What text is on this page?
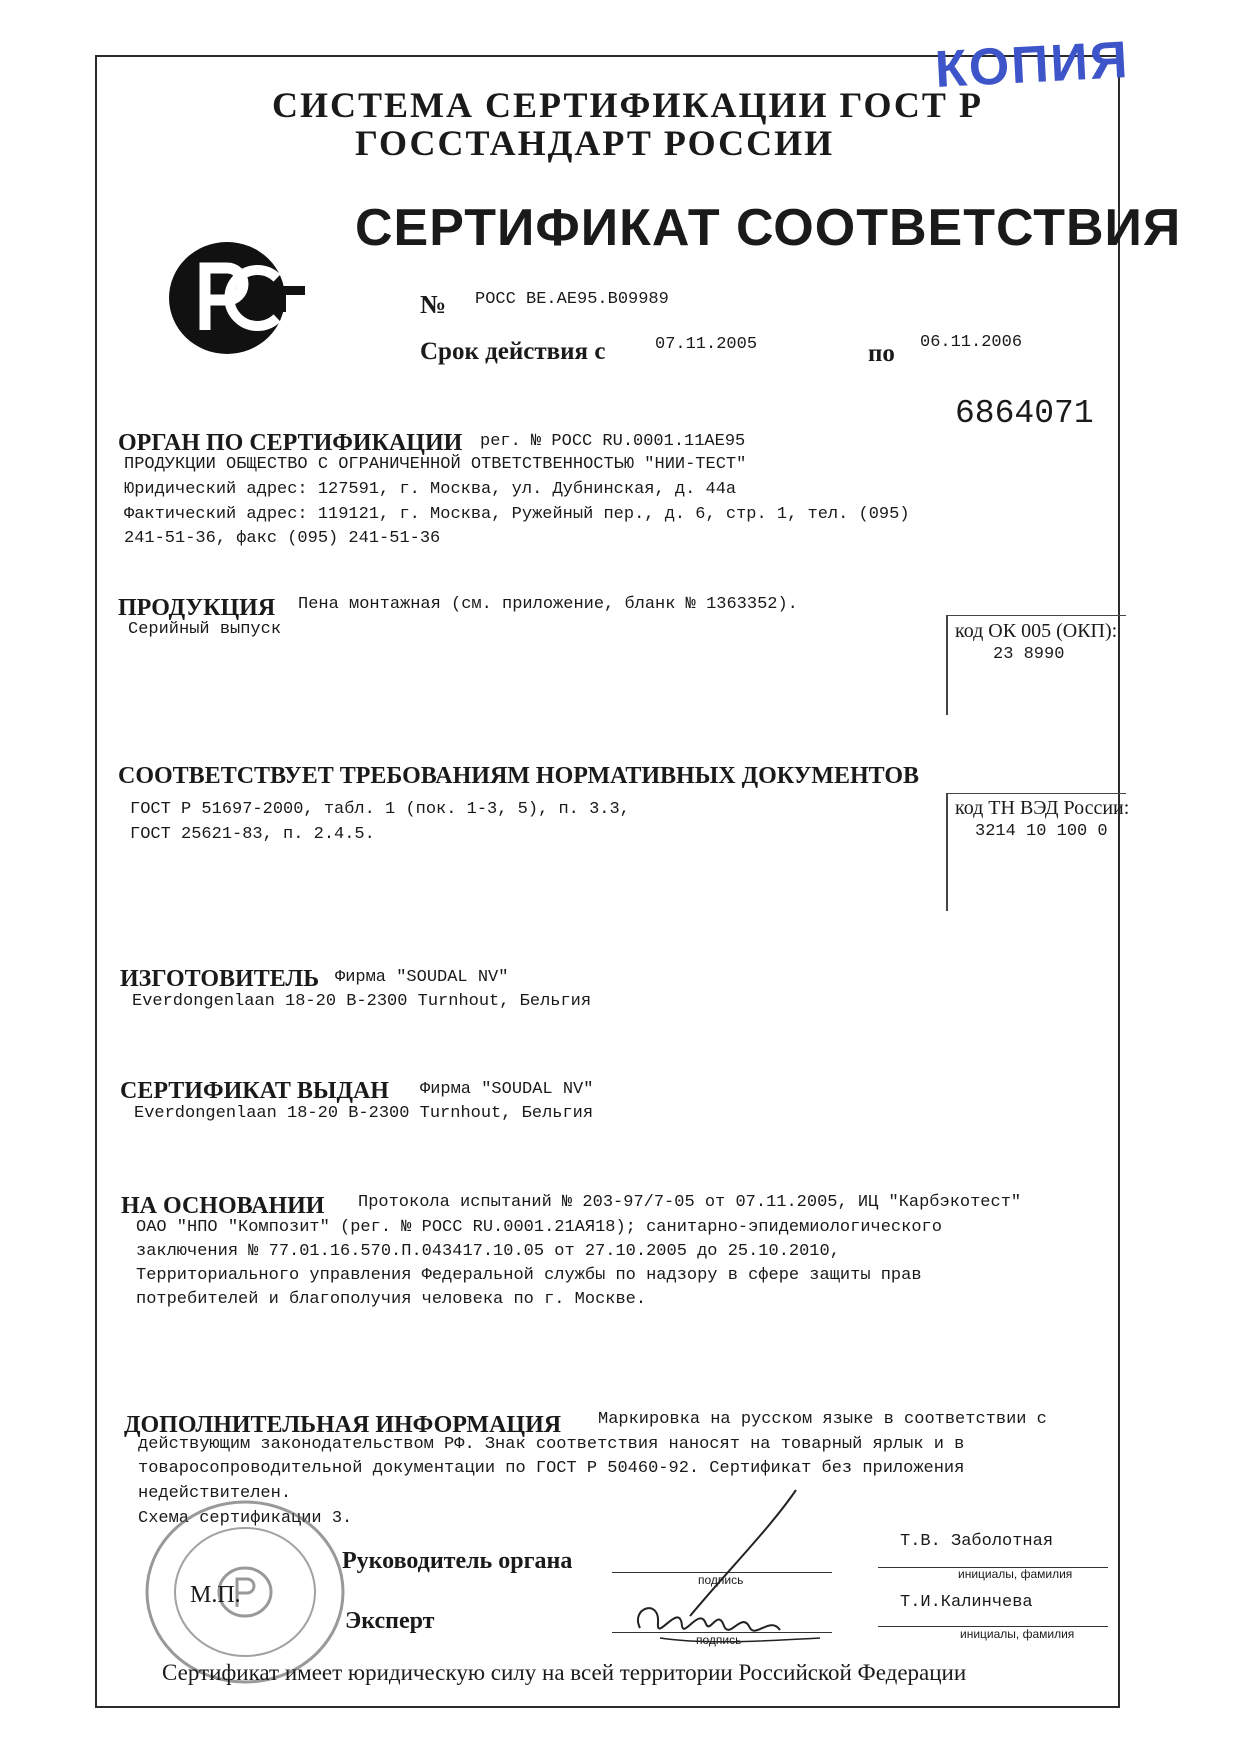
КОПИЯ
СИСТЕМА СЕРТИФИКАЦИИ ГОСТ Р
ГОССТАНДАРТ РОССИИ
СЕРТИФИКАТ СООТВЕТСТВИЯ
№ РОСС BE.AE95.B09989
Срок действия с	07.11.2005	по 06.11.2006
6864071
ОРГАН ПО СЕРТИФИКАЦИИ рег. № РОСС RU.0001.11AE95
ПРОДУКЦИИ ОБЩЕСТВО С ОГРАНИЧЕННОЙ ОТВЕТСТВЕННОСТЬЮ "НИИ-ТЕСТ"
Юридический адрес: 127591, г. Москва, ул. Дубнинская, д. 44а
Фактический адрес: 119121, г. Москва, Ружейный пер., д. 6, стр. 1, тел. (095)
241-51-36, факс (095) 241-51-36
ПРОДУКЦИЯ Пена монтажная (см. приложение, бланк № 1363352).
Серийный выпуск	код ОК 005 (ОКП):
23 8990
СООТВЕТСТВУЕТ ТРЕБОВАНИЯМ НОРМАТИВНЫХ ДОКУМЕНТОВ
ГОСТ Р 51697-2000, табл. 1 (пок. 1-3, 5), п. 3.3,
ГОСТ 25621-83, п. 2.4.5.
код ТН ВЭД России:
3214 10 100 0
ИЗГОТОВИТЕЛЬ Фирма "SOUDAL NV"
Everdongenlaan 18-20 B-2300 Turnhout, Бельгия
СЕРТИФИКАТ ВЫДАН Фирма "SOUDAL NV"
Everdongenlaan 18-20 B-2300 Turnhout, Бельгия
НА ОСНОВАНИИ Протокола испытаний № 203-97/7-05 от 07.11.2005, ИЦ "Карбэкотест"
ОАО "НПО "Композит" (рег. № РОСС RU.0001.21AЯ18); санитарно-эпидемиологического
заключения № 77.01.16.570.П.043417.10.05 от 27.10.2005 до 25.10.2010,
Территориального управления Федеральной службы по надзору в сфере защиты прав
потребителей и благополучия человека по г. Москве.
ДОПОЛНИТЕЛЬНАЯ ИНФОРМАЦИЯ Маркировка на русском языке в соответствии с
действующим законодательством РФ. Знак соответствия наносят на товарный ярлык и в
товаросопроводительной документации по ГОСТ Р 50460-92. Сертификат без приложения
недействителен.
Схема сертификации 3.
М.П.
Руководитель органа
подпись
Т.В. Заболотная
инициалы, фамилия
Эксперт
подпись
Т.И.Калинчева
инициалы, фамилия
Сертификат имеет юридическую силу на всей территории Российской Федерации
